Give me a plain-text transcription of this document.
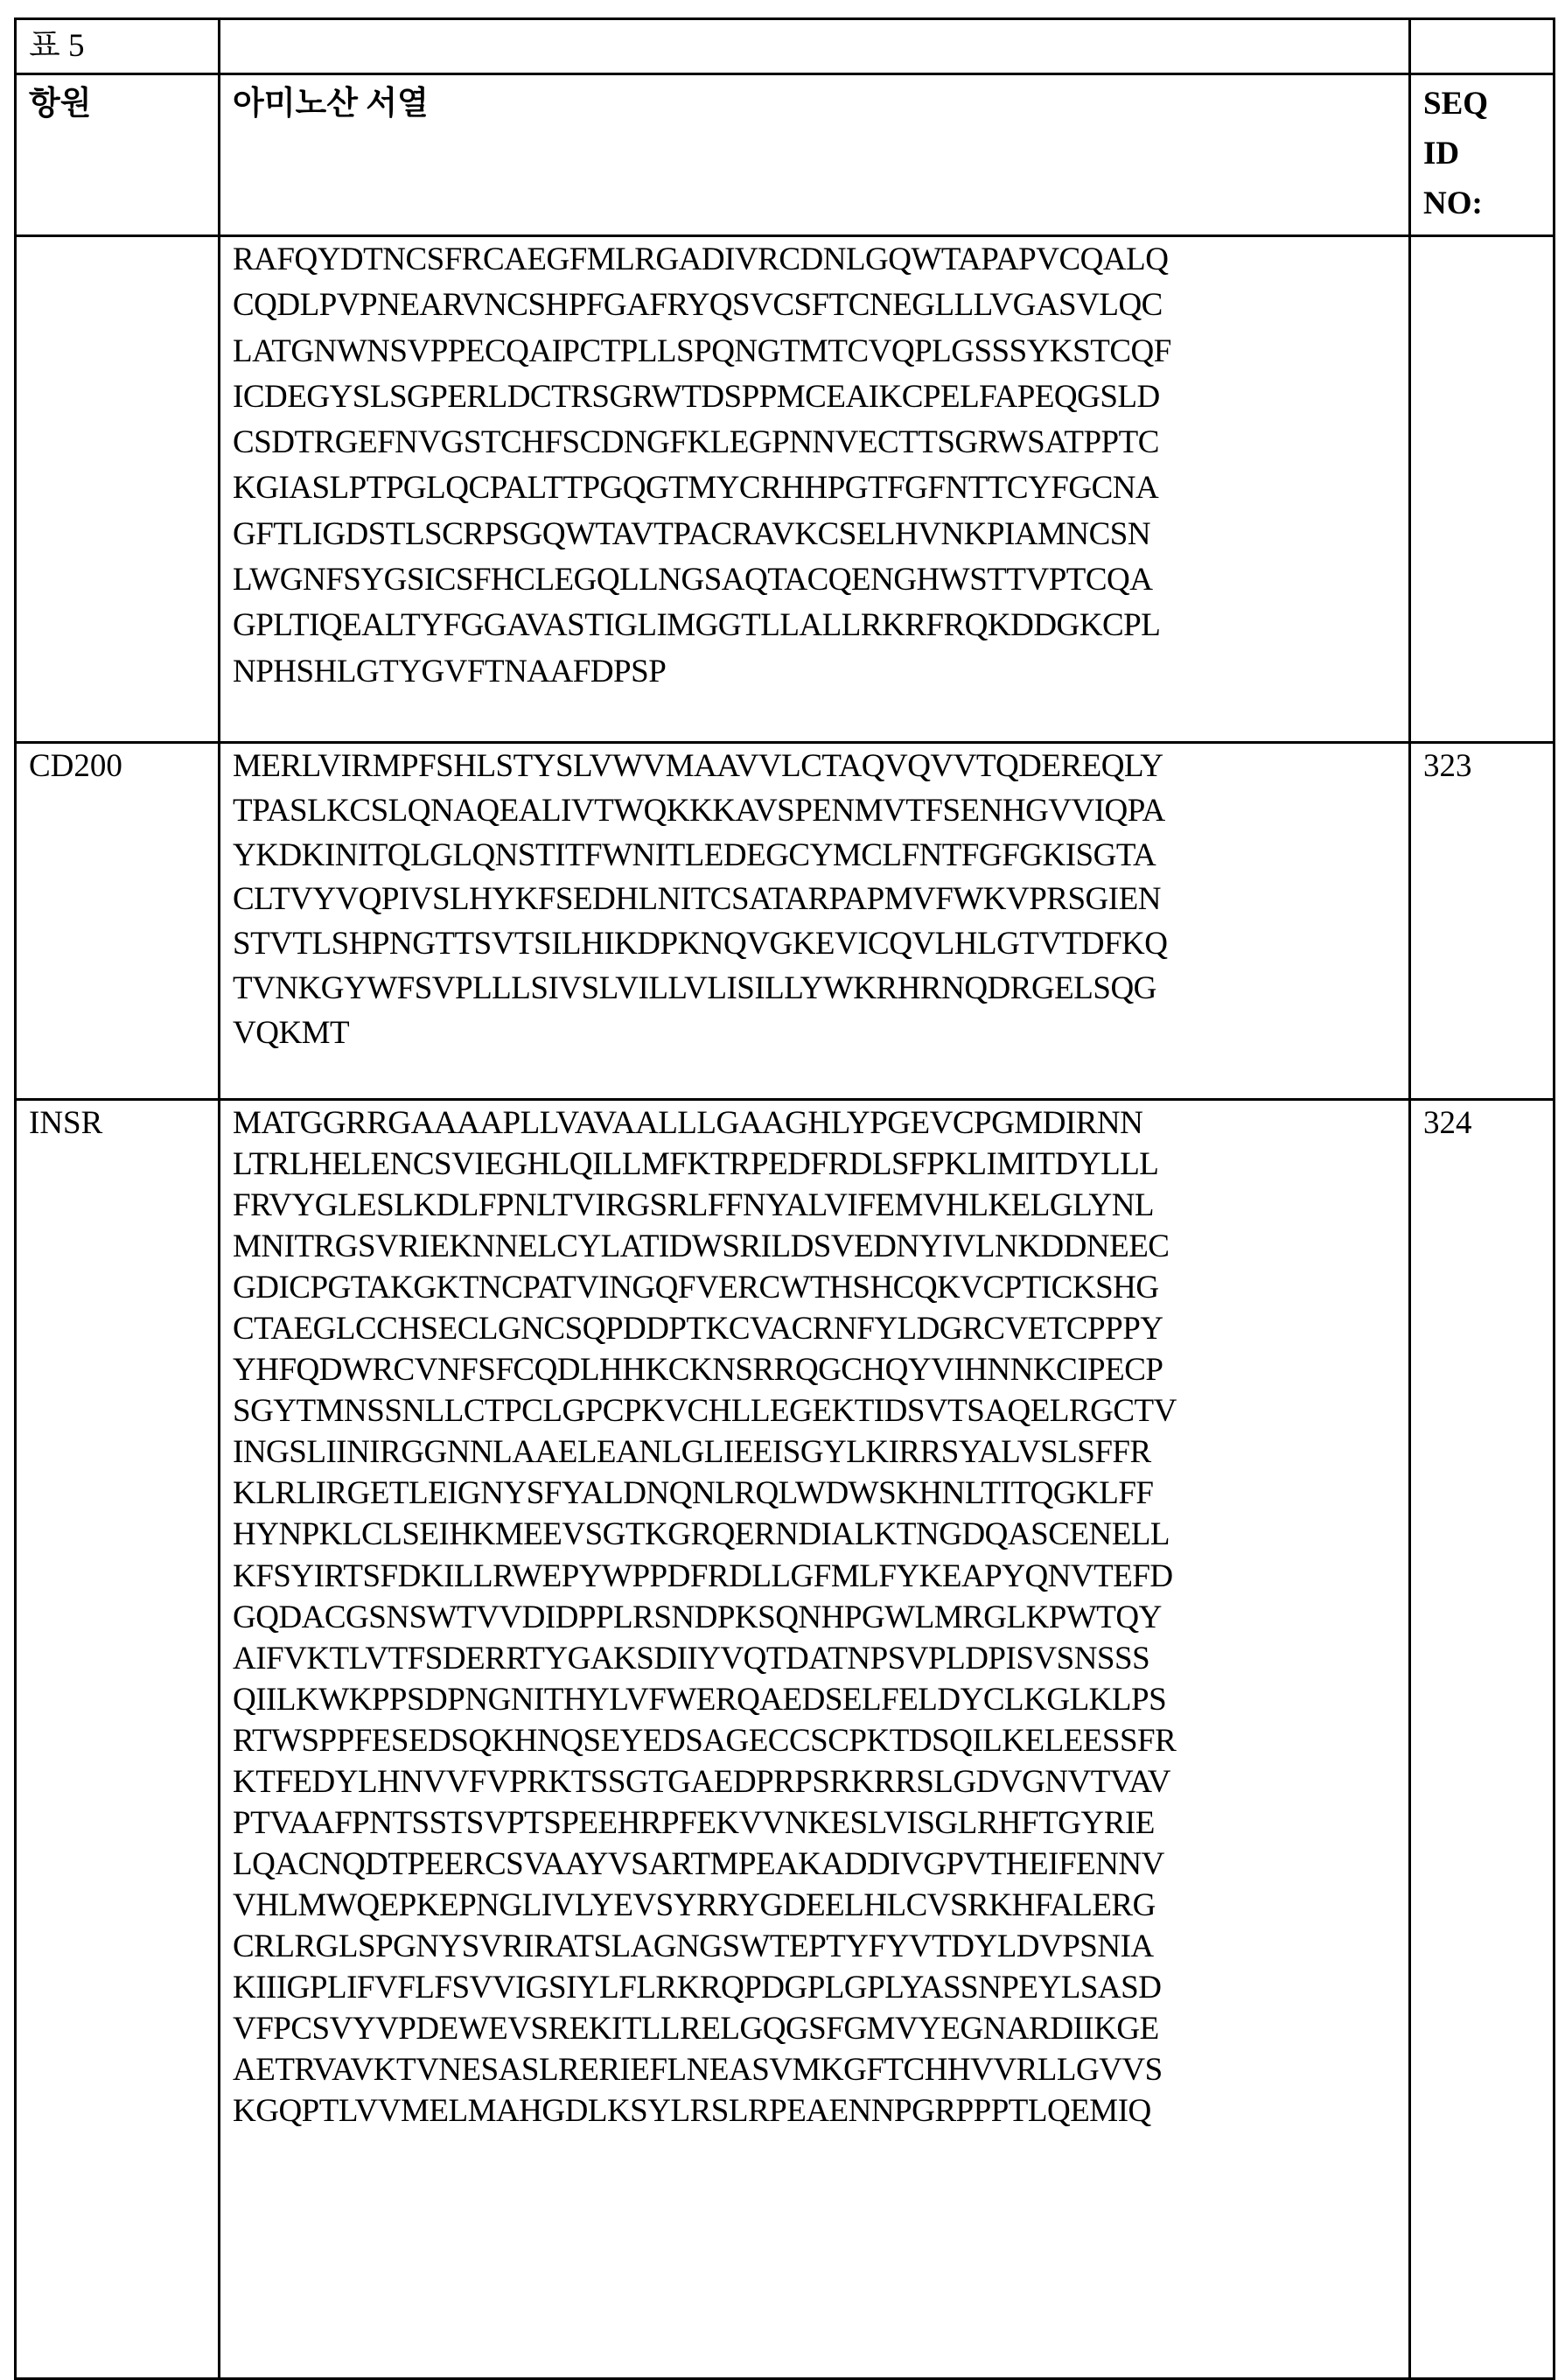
표 5		
항원	아미노산 서열	SEQ
ID
NO:

RAFQYDTNCSFRCAEGFMLRGADIVRCDNLGQWTAPAPVCQALQ
CQDLPVPNEARVNCSHPFGAFRYQSVCSFTCNEGLLLVGASVLQC
LATGNWNSVPPECQAIPCTPLLSPQNGTMTCVQPLGSSSYKSTCQF
ICDEGYSLSGPERLDCTRSGRWTDSPPMCEAIKCPELFAPEQGSLD
CSDTRGEFNVGSTCHFSCDNGFKLEGPNNVECTTSGRWSATPPTC
KGIASLPTPGLQCPALTTPGQGTMYCRHHPGTFGFNTTCYFGCNA
GFTLIGDSTLSCRPSGQWTAVTPACRAVKCSELHVNKPIAMNCSN
LWGNFSYGSICSFHCLEGQLLNGSAQTACQENGHWSTTVPTCQA
GPLTIQEALTYFGGAVASTIGLIMGGTLLALLRKRFRQKDDGKCPL
NPHSHLGTYGVFTNAAFDPSP

CD200	MERLVIRMPFSHLSTYSLVWVMAAVVLCTAQVQVVTQDEREQLY
TPASLKCSLQNAQEALIVTWQKKKAVSPENMVTFSENHGVVIQPA
YKDKINITQLGLQNSTITFWNITLEDEGCYMCLFNTFGFGKISGTA
CLTVYVQPIVSLHYKFSEDHLNITCSATARPAPMVFWKVPRSGIEN
STVTLSHPNGTTSVTSILHIKDPKNQVGKEVICQVLHLGTVTDFKQ
TVNKGYWFSVPLLLSIVSLVILLVLISILLYWKRHRNQDRGELSQG
VQKMT
	323
INSR	MATGGRRGAAAAPLLVAVAALLLGAAGHLYPGEVCPGMDIRNN
LTRLHELENCSVIEGHLQILLMFKTRPEDFRDLSFPKLIMITDYLLL
FRVYGLESLKDLFPNLTVIRGSRLFFNYALVIFEMVHLKELGLYNL
MNITRGSVRIEKNNELCYLATIDWSRILDSVEDNYIVLNKDDNEEC
GDICPGTAKGKTNCPATVINGQFVERCWTHSHCQKVCPTICKSHG
CTAEGLCCHSECLGNCSQPDDPTKCVACRNFYLDGRCVETCPPPY
YHFQDWRCVNFSFCQDLHHKCKNSRRQGCHQYVIHNNKCIPECP
SGYTMNSSNLLCTPCLGPCPKVCHLLEGEKTIDSVTSAQELRGCTV
INGSLIINIRGGNNLAAELEANLGLIEEISGYLKIRRSYALVSLSFFR
KLRLIRGETLEIGNYSFYALDNQNLRQLWDWSKHNLTITQGKLFF
HYNPKLCLSEIHKMEEVSGTKGRQERNDIALKTNGDQASCENELL
KFSYIRTSFDKILLRWEPYWPPDFRDLLGFMLFYKEAPYQNVTEFD
GQDACGSNSWTVVDIDPPLRSNDPKSQNHPGWLMRGLKPWTQY
AIFVKTLVTFSDERRTYGAKSDIIYVQTDATNPSVPLDPISVSNSSS
QIILKWKPPSDPNGNITHYLVFWERQAEDSELFELDYCLKGLKLPS
RTWSPPFESEDSQKHNQSEYEDSAGECCSCPKTDSQILKELEESSFR
KTFEDYLHNVVFVPRKTSSGTGAEDPRPSRKRRSLGDVGNVTVAV
PTVAAFPNTSSTSVPTSPEEHRPFEKVVNKESLVISGLRHFTGYRIE
LQACNQDTPEERCSVAAYVSARTMPEAKADDIVGPVTHEIFENNV
VHLMWQEPKEPNGLIVLYEVSYRRYGDEELHLCVSRKHFALERG
CRLRGLSPGNYSVRIRATSLAGNGSWTEPTYFYVTDYLDVPSNIA
KIIIGPLIFVFLFSVVIGSIYLFLRKRQPDGPLGPLYASSNPEYLSASD
VFPCSVYVPDEWEVSREKITLLRELGQGSFGMVYEGNARDIIKGE
AETRVAVKTVNESASLRERIEFLNEASVMKGFTCHHVVRLLGVVS
KGQPTLVVMELMAHGDLKSYLRSLRPEAENNPGRPPPTLQEMIQ
	324
